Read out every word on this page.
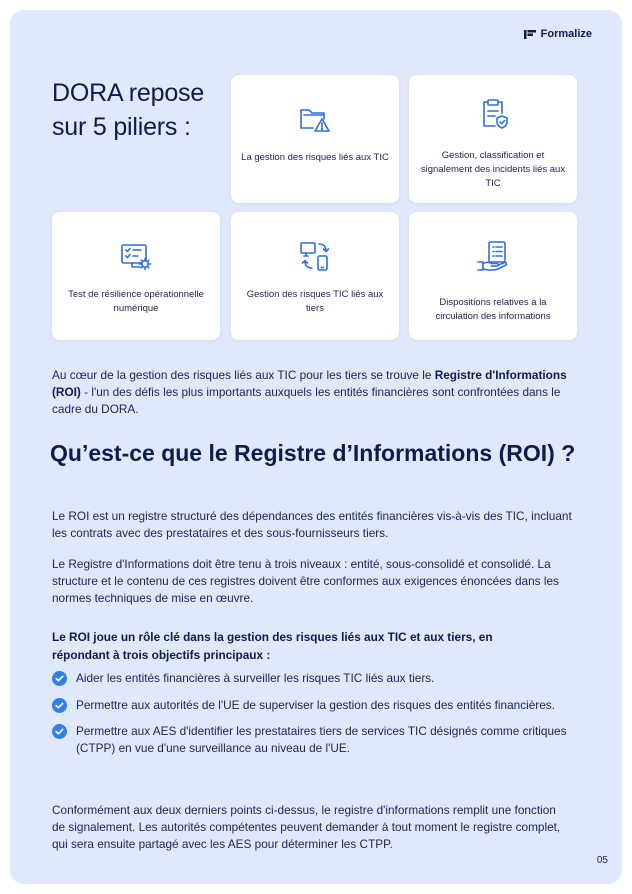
Formalize
DORA repose sur 5 piliers :
La gestion des risques liés aux TIC	Gestion, classification et signalement des incidents liés aux TIC
Test de résilience opérationnelle numérique
Gestion des risques TIC liés aux tiers
Dispositions relatives à la circulation des informations

Au cœur de la gestion des risques liés aux TIC pour les tiers se trouve le Registre d'Informations (ROI) - l'un des défis les plus importants auxquels les entités financières sont confrontées dans le cadre du DORA.

Qu’est-ce que le Registre d’Informations (ROI) ?

Le ROI est un registre structuré des dépendances des entités financières vis-à-vis des TIC, incluant les contrats avec des prestataires et des sous-fournisseurs tiers.

Le Registre d'Informations doit être tenu à trois niveaux : entité, sous-consolidé et consolidé. La structure et le contenu de ces registres doivent être conformes aux exigences énoncées dans les normes techniques de mise en œuvre.

Le ROI joue un rôle clé dans la gestion des risques liés aux TIC et aux tiers, en répondant à trois objectifs principaux :

Aider les entités financières à surveiller les risques TIC liés aux tiers.
Permettre aux autorités de l'UE de superviser la gestion des risques des entités financières.
Permettre aux AES d'identifier les prestataires tiers de services TIC désignés comme critiques (CTPP) en vue d'une surveillance au niveau de l'UE.

Conformément aux deux derniers points ci-dessus, le registre d'informations remplit une fonction de signalement. Les autorités compétentes peuvent demander à tout moment le registre complet, qui sera ensuite partagé avec les AES pour déterminer les CTPP.

05
